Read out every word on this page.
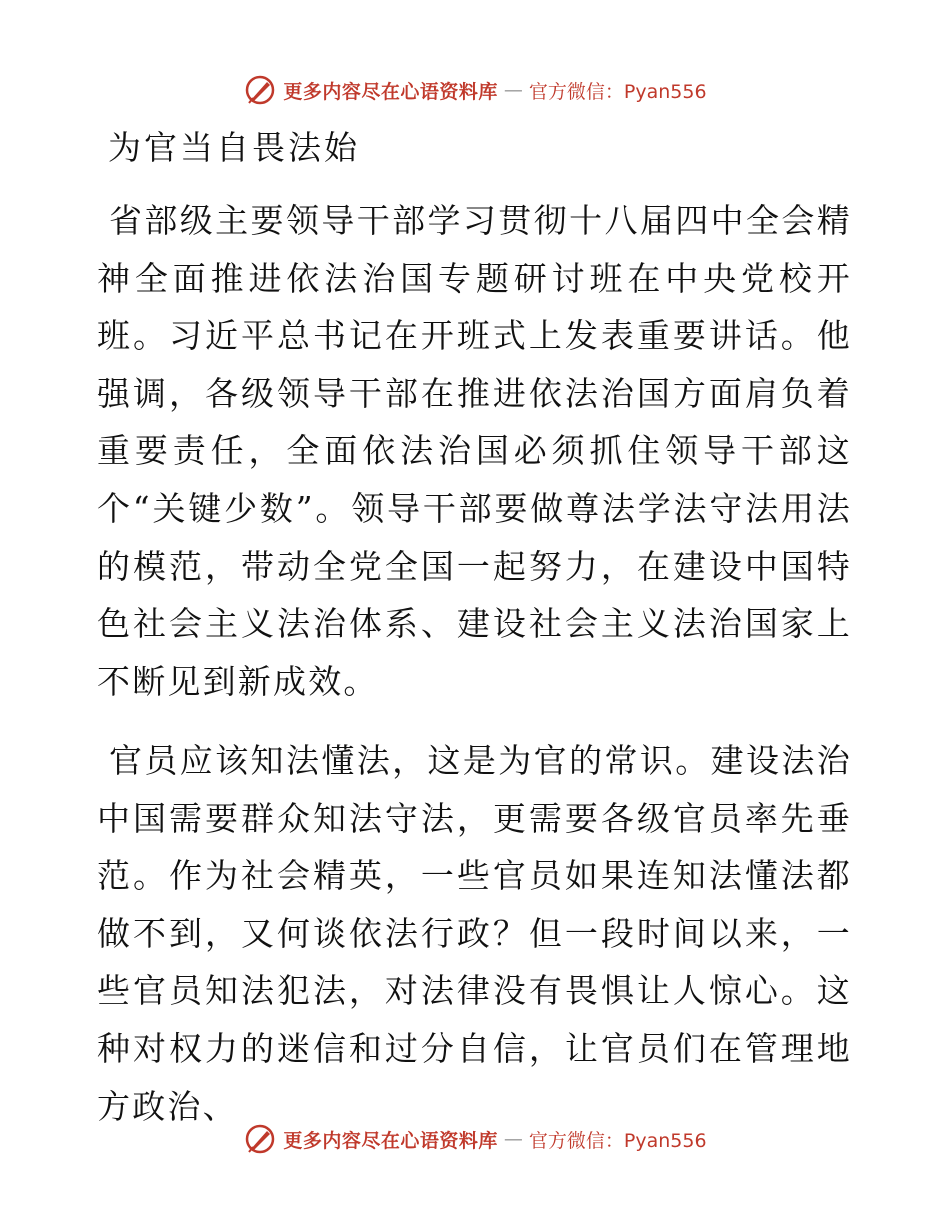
更多内容尽在心语资料库 — 官方微信：Pyan556
为官当自畏法始

省部级主要领导干部学习贯彻十八届四中全会精神全面推进依法治国专题研讨班在中央党校开班。习近平总书记在开班式上发表重要讲话。他强调，各级领导干部在推进依法治国方面肩负着重要责任，全面依法治国必须抓住领导干部这个“关键少数”。领导干部要做尊法学法守法用法的模范，带动全党全国一起努力，在建设中国特色社会主义法治体系、建设社会主义法治国家上不断见到新成效。

官员应该知法懂法，这是为官的常识。建设法治中国需要群众知法守法，更需要各级官员率先垂范。作为社会精英，一些官员如果连知法懂法都做不到，又何谈依法行政？但一段时间以来，一些官员知法犯法，对法律没有畏惧让人惊心。这种对权力的迷信和过分自信，让官员们在管理地方政治、

更多内容尽在心语资料库 — 官方微信：Pyan556
